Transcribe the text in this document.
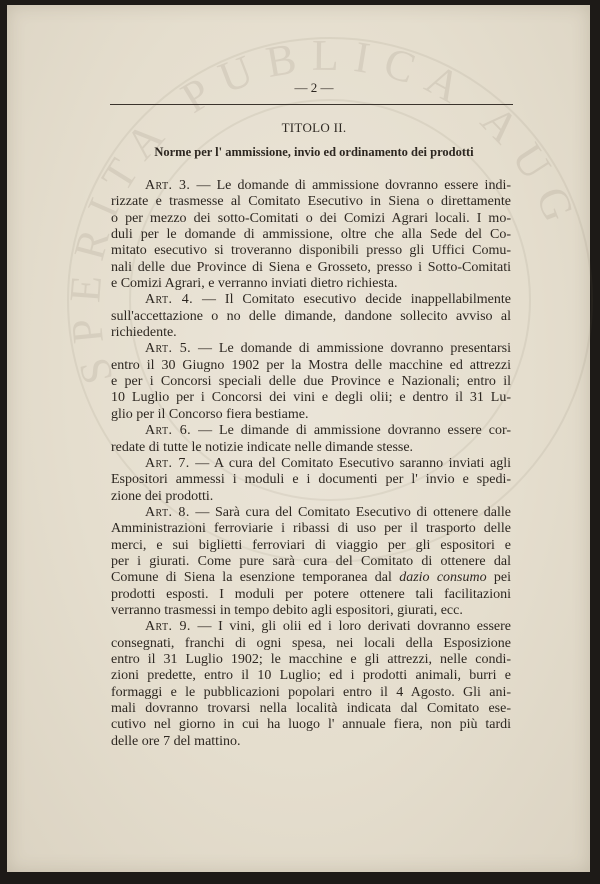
— 2 —
TITOLO II.
Norme per l' ammissione, invio ed ordinamento dei prodotti
Art. 3. — Le domande di ammissione dovranno essere indi-
rizzate e trasmesse al Comitato Esecutivo in Siena o direttamente
o per mezzo dei sotto-Comitati o dei Comizi Agrari locali. I mo-
duli per le domande di ammissione, oltre che alla Sede del Co-
mitato esecutivo si troveranno disponibili presso gli Uffici Comu-
nali delle due Province di Siena e Grosseto, presso i Sotto-Comitati
e Comizi Agrari, e verranno inviati dietro richiesta.
Art. 4. — Il Comitato esecutivo decide inappellabilmente
sull'accettazione o no delle dimande, dandone sollecito avviso al
richiedente.
Art. 5. — Le domande di ammissione dovranno presentarsi
entro il 30 Giugno 1902 per la Mostra delle macchine ed attrezzi
e per i Concorsi speciali delle due Province e Nazionali; entro il
10 Luglio per i Concorsi dei vini e degli olii; e dentro il 31 Lu-
glio per il Concorso fiera bestiame.
Art. 6. — Le dimande di ammissione dovranno essere cor-
redate di tutte le notizie indicate nelle dimande stesse.
Art. 7. — A cura del Comitato Esecutivo saranno inviati agli
Espositori ammessi i moduli e i documenti per l' invio e spedi-
zione dei prodotti.
Art. 8. — Sarà cura del Comitato Esecutivo di ottenere dalle
Amministrazioni ferroviarie i ribassi di uso per il trasporto delle
merci, e sui biglietti ferroviari di viaggio per gli espositori e
per i giurati. Come pure sarà cura del Comitato di ottenere dal
Comune di Siena la esenzione temporanea dal dazio consumo pei
prodotti esposti. I moduli per potere ottenere tali facilitazioni
verranno trasmessi in tempo debito agli espositori, giurati, ecc.
Art. 9. — I vini, gli olii ed i loro derivati dovranno essere
consegnati, franchi di ogni spesa, nei locali della Esposizione
entro il 31 Luglio 1902; le macchine e gli attrezzi, nelle condi-
zioni predette, entro il 10 Luglio; ed i prodotti animali, burri e
formaggi e le pubblicazioni popolari entro il 4 Agosto. Gli ani-
mali dovranno trovarsi nella località indicata dal Comitato ese-
cutivo nel giorno in cui ha luogo l' annuale fiera, non più tardi
delle ore 7 del mattino.
